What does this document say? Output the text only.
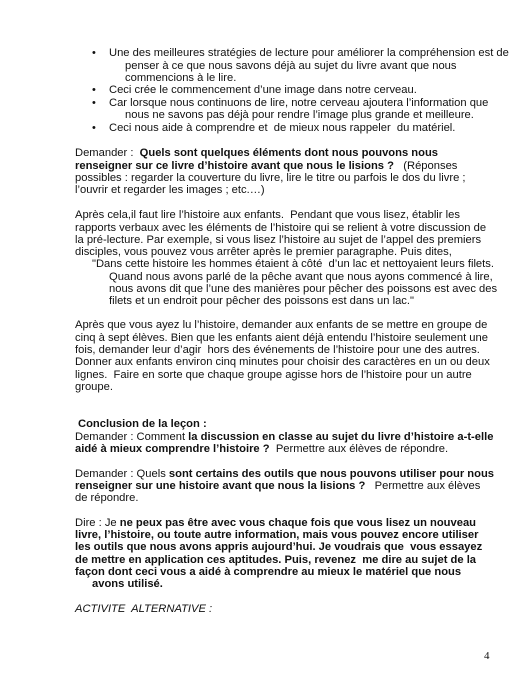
• Une des meilleures stratégies de lecture pour améliorer la compréhension est de
penser à ce que nous savons déjà au sujet du livre avant que nous
commencions à le lire.
• Ceci crée le commencement d’une image dans notre cerveau.
• Car lorsque nous continuons de lire, notre cerveau ajoutera l’information que
nous ne savons pas déjà pour rendre l’image plus grande et meilleure.
• Ceci nous aide à comprendre et  de mieux nous rappeler  du matériel.
Demander :  Quels sont quelques éléments dont nous pouvons nous
renseigner sur ce livre d’histoire avant que nous le lisions ?   (Réponses
possibles : regarder la couverture du livre, lire le titre ou parfois le dos du livre ;
l’ouvrir et regarder les images ; etc.…)
Après cela,il faut lire l’histoire aux enfants.  Pendant que vous lisez, établir les
rapports verbaux avec les éléments de l’histoire qui se relient à votre discussion de
la pré-lecture. Par exemple, si vous lisez l’histoire au sujet de l’appel des premiers
disciples, vous pouvez vous arrêter après le premier paragraphe. Puis dites,
"Dans cette histoire les hommes étaient à côté  d’un lac et nettoyaient leurs filets.
Quand nous avons parlé de la pêche avant que nous ayons commencé à lire,
nous avons dit que l’une des manières pour pêcher des poissons est avec des
filets et un endroit pour pêcher des poissons est dans un lac."
Après que vous ayez lu l’histoire, demander aux enfants de se mettre en groupe de
cinq à sept élèves. Bien que les enfants aient déjà entendu l’histoire seulement une
fois, demander leur d’agir  hors des événements de l’histoire pour une des autres.
Donner aux enfants environ cinq minutes pour choisir des caractères en un ou deux
lignes.  Faire en sorte que chaque groupe agisse hors de l’histoire pour un autre
groupe.
Conclusion de la leçon :
Demander : Comment la discussion en classe au sujet du livre d’histoire a-t-elle
aidé à mieux comprendre l’histoire ?  Permettre aux élèves de répondre.
Demander : Quels sont certains des outils que nous pouvons utiliser pour nous
renseigner sur une histoire avant que nous la lisions ?   Permettre aux élèves
de répondre.
Dire : Je ne peux pas être avec vous chaque fois que vous lisez un nouveau
livre, l’histoire, ou toute autre information, mais vous pouvez encore utiliser
les outils que nous avons appris aujourd’hui. Je voudrais que  vous essayez
de mettre en application ces aptitudes. Puis, revenez  me dire au sujet de la
façon dont ceci vous a aidé à comprendre au mieux le matériel que nous
avons utilisé.
ACTIVITE  ALTERNATIVE :
4
